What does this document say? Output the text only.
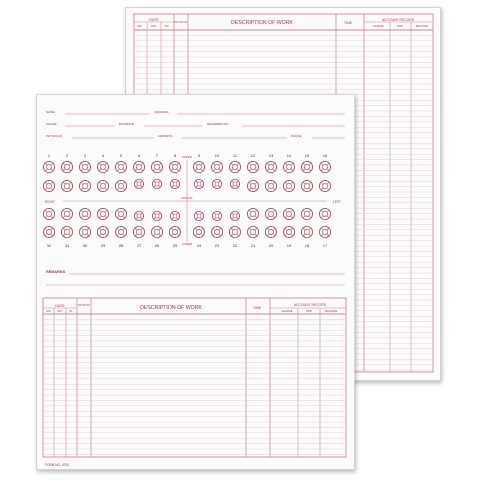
DATE
MO.	DAY	YR.
TOOTH NO.	DESCRIPTION OF WORK	TIME
ACCOUNT RECORD
CHARGE	PAID	BALANCE
1
32
2
31
3
30
4
29
5
28
6
27
7
26
8
25
9
24
10
23
11
22
12
21
13
20
14
19
15
18
16
17
NAME	ADDRESS
PHONE	ESTIMATE	REFERRED BY
PHYSICIAN	ADDRESS	PHONE
UPPER
LOWER
LINGUAL
RIGHT	LEFT
REMARKS
DATE
MO. DAY YR.
TOOTH NO.	DESCRIPTION OF WORK	TIME
ACCOUNT RECORD
CHARGE	PAID	BALANCE
FORM NO. 5700
